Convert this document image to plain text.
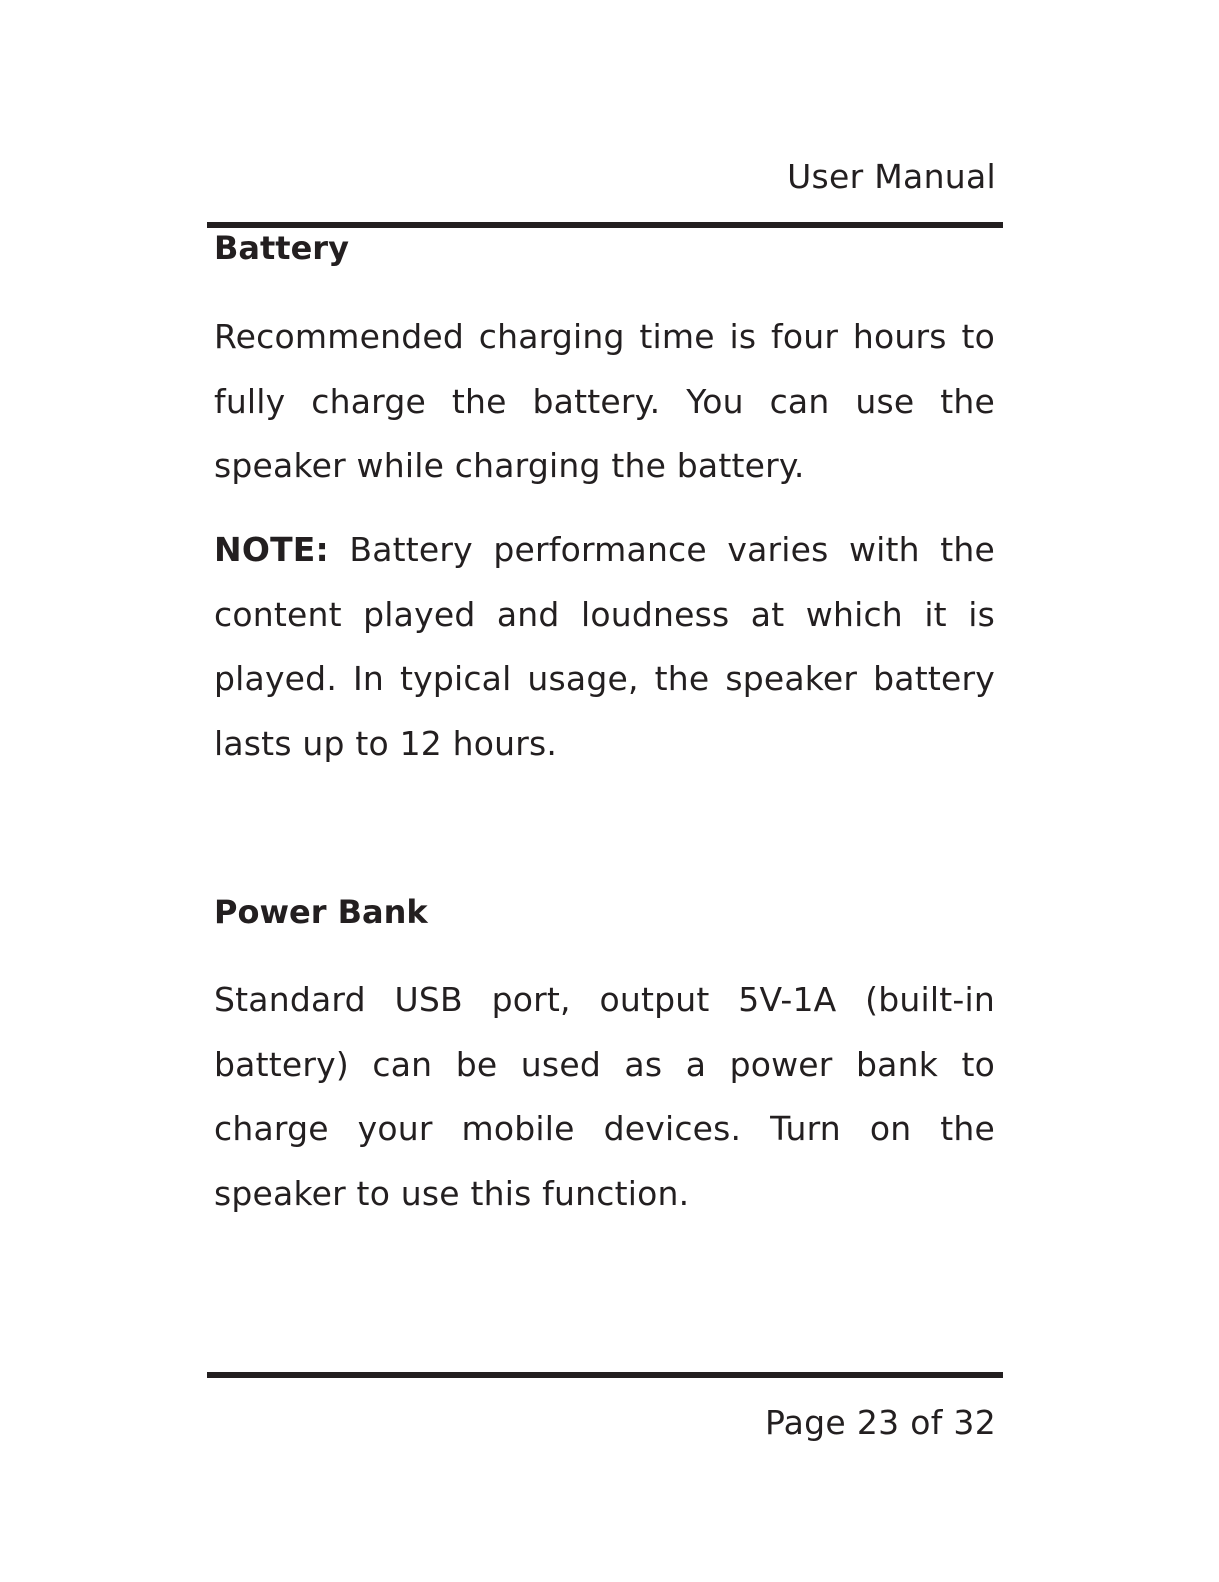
User Manual
Battery

Recommended charging time is four hours to fully charge the battery. You can use the speaker while charging the battery.

NOTE: Battery performance varies with the content played and loudness at which it is played. In typical usage, the speaker battery lasts up to 12 hours.

Power Bank

Standard USB port, output 5V-1A (built-in battery) can be used as a power bank to charge your mobile devices. Turn on the speaker to use this function.

Page 23 of 32
